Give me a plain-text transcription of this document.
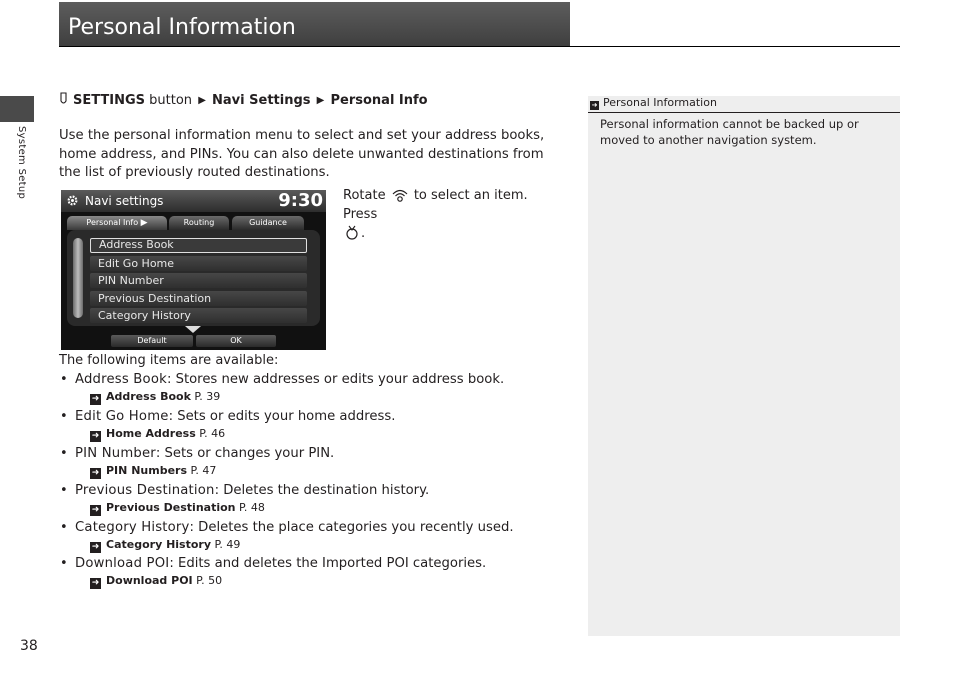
Personal Information
System Setup
SETTINGS button ▶ Navi Settings ▶ Personal Info

Use the personal information menu to select and set your address books, home address, and PINs. You can also delete unwanted destinations from the list of previously routed destinations.

Navi settings	9:30
Personal Info ▶	Routing	Guidance
Address Book
Edit Go Home
PIN Number
Previous Destination
Category History
Default	OK

Rotate  to select an item. Press
.

The following items are available:
• Address Book: Stores new addresses or edits your address book.
➜ Address Book P. 39
• Edit Go Home: Sets or edits your home address.
➜ Home Address P. 46
• PIN Number: Sets or changes your PIN.
➜ PIN Numbers P. 47
• Previous Destination: Deletes the destination history.
➜ Previous Destination P. 48
• Category History: Deletes the place categories you recently used.
➜ Category History P. 49
• Download POI: Edits and deletes the Imported POI categories.
➜ Download POI P. 50
➜ Personal Information

Personal information cannot be backed up or moved to another navigation system.

38
